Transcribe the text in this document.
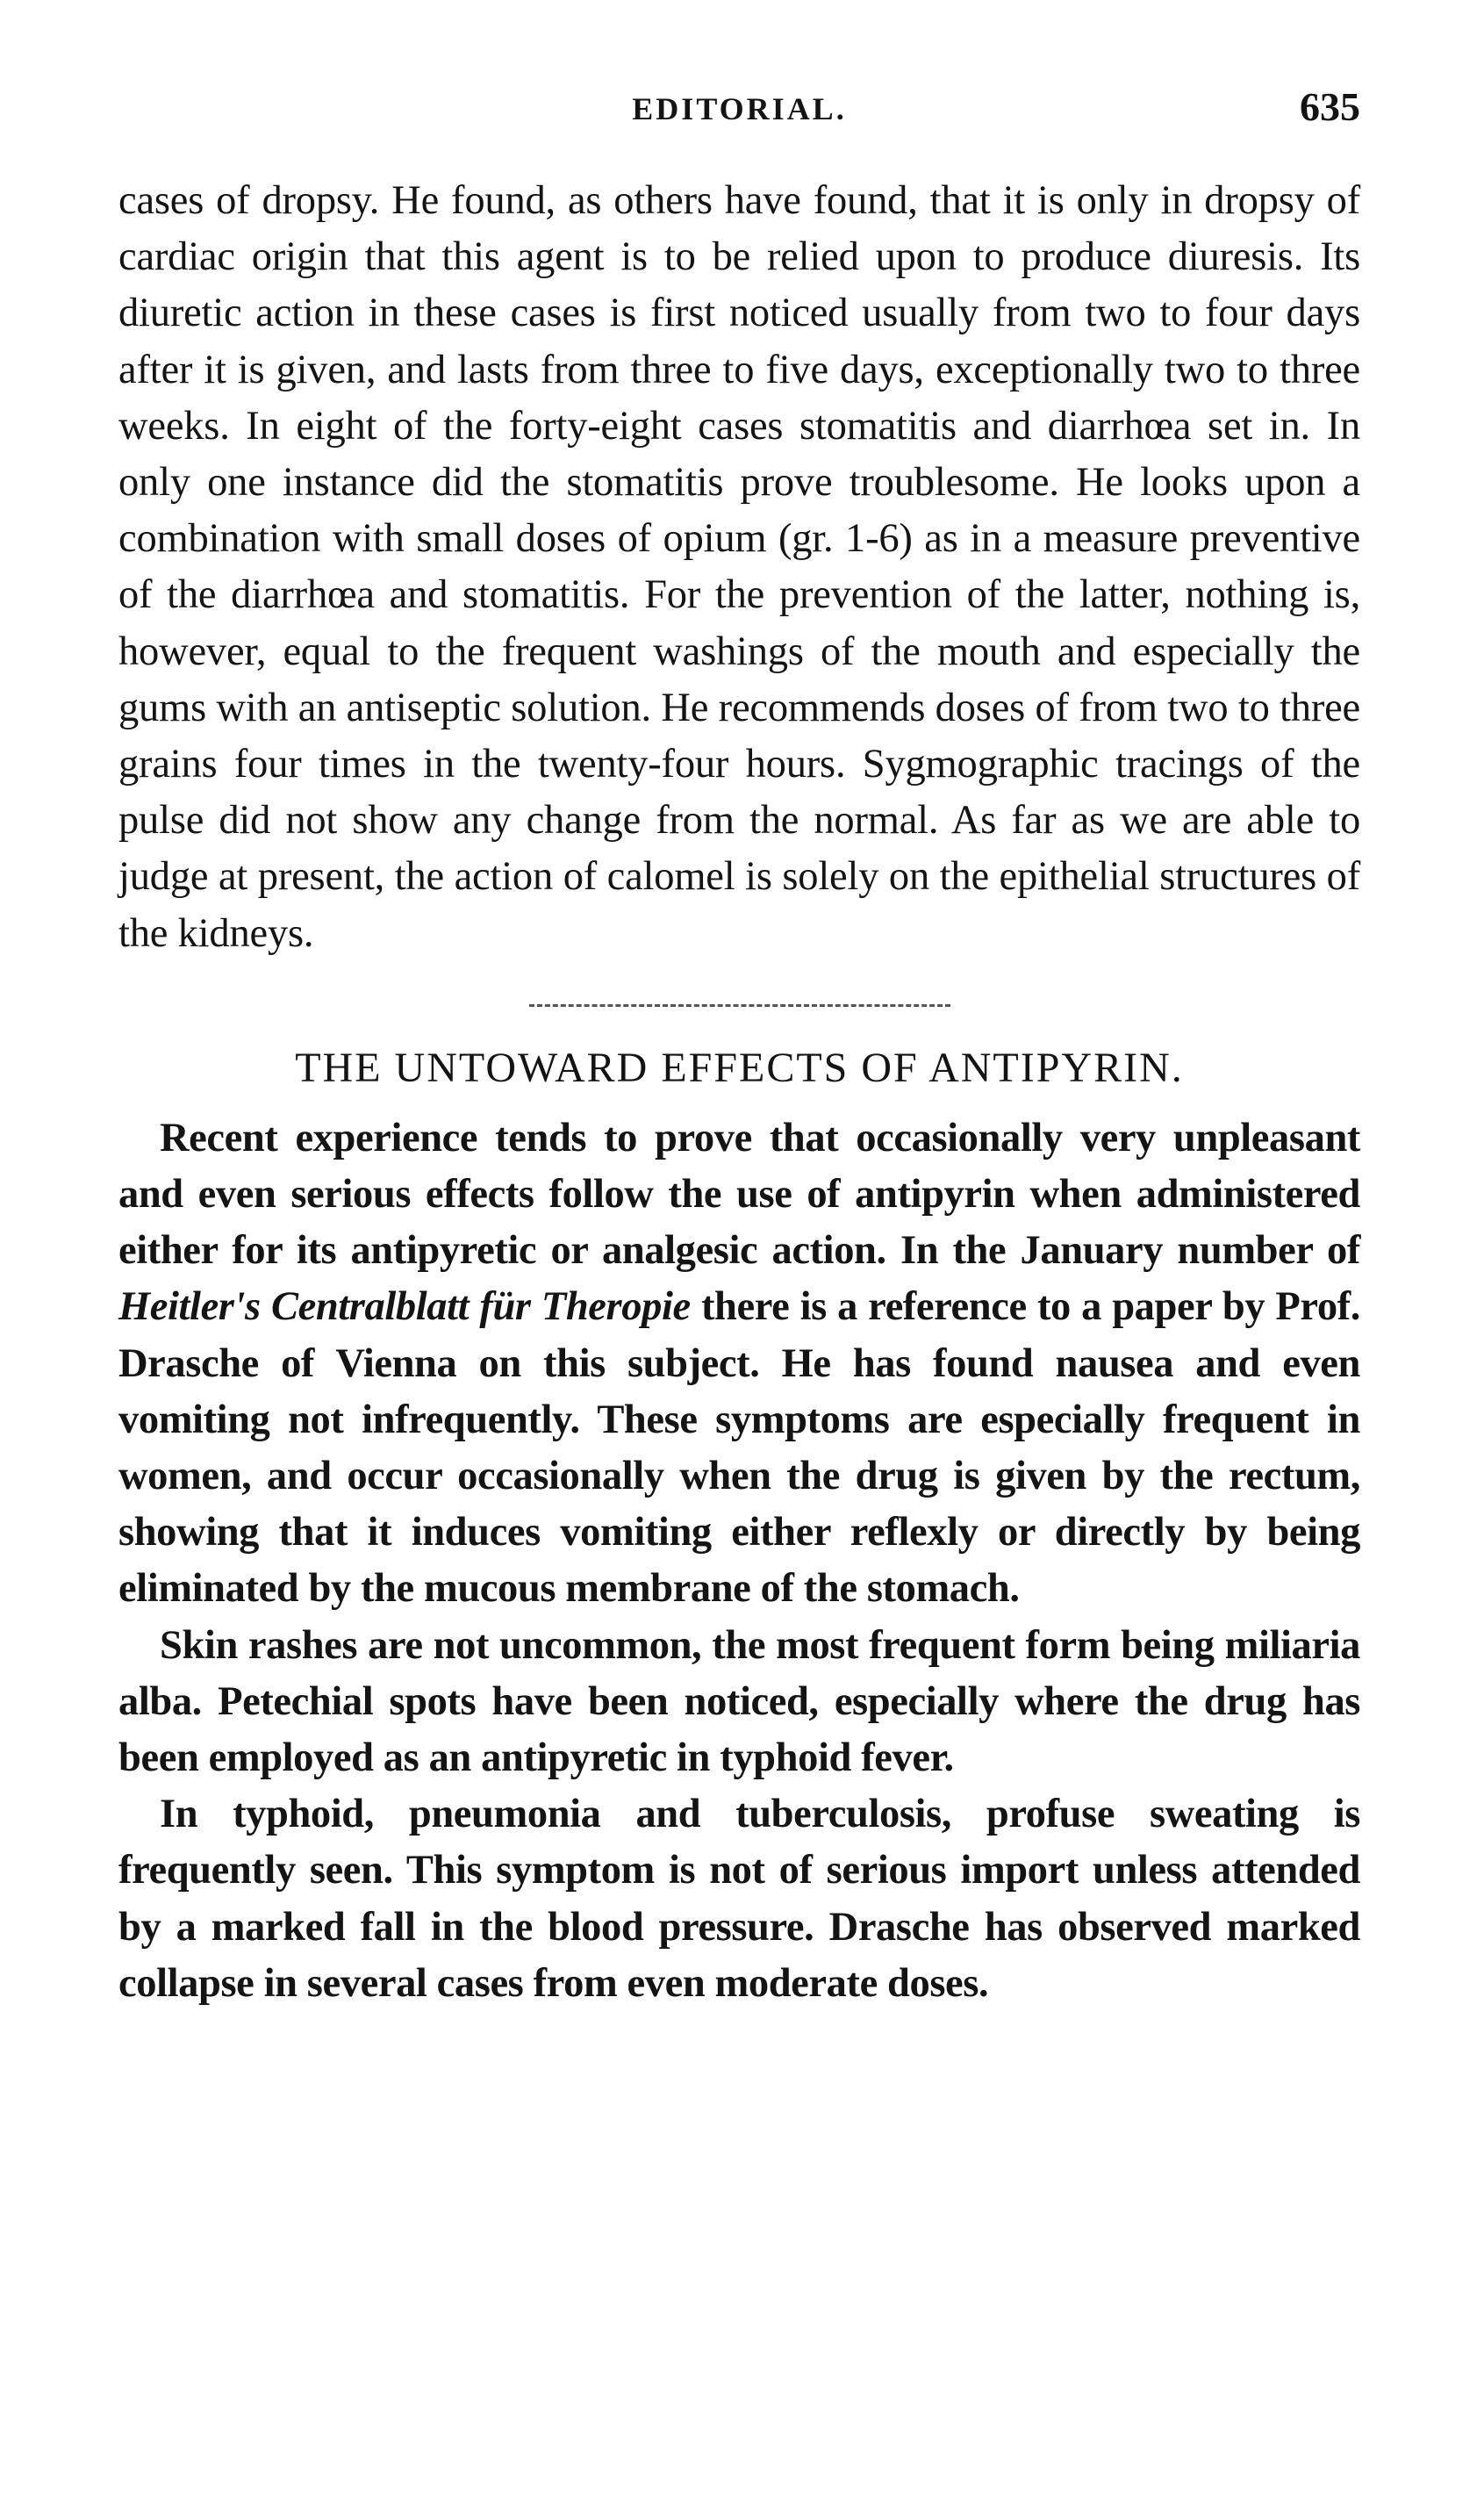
EDITORIAL.	635

cases of dropsy. He found, as others have found, that it is only in dropsy of cardiac origin that this agent is to be relied upon to produce diuresis. Its diuretic action in these cases is first noticed usually from two to four days after it is given, and lasts from three to five days, exceptionally two to three weeks. In eight of the forty-eight cases stomatitis and diarrhœa set in. In only one instance did the stomatitis prove troublesome. He looks upon a combination with small doses of opium (gr. 1-6) as in a measure preventive of the diarrhœa and stomatitis. For the prevention of the latter, nothing is, however, equal to the frequent washings of the mouth and especially the gums with an antiseptic solution. He recommends doses of from two to three grains four times in the twenty-four hours. Sygmographic tracings of the pulse did not show any change from the normal. As far as we are able to judge at present, the action of calomel is solely on the epithelial structures of the kidneys.

THE UNTOWARD EFFECTS OF ANTIPYRIN.

Recent experience tends to prove that occasionally very unpleasant and even serious effects follow the use of antipyrin when administered either for its antipyretic or analgesic action. In the January number of Heitler's Centralblatt für Theropie there is a reference to a paper by Prof. Drasche of Vienna on this subject. He has found nausea and even vomiting not infrequently. These symptoms are especially frequent in women, and occur occasionally when the drug is given by the rectum, showing that it induces vomiting either reflexly or directly by being eliminated by the mucous membrane of the stomach.

Skin rashes are not uncommon, the most frequent form being miliaria alba. Petechial spots have been noticed, especially where the drug has been employed as an antipyretic in typhoid fever.

In typhoid, pneumonia and tuberculosis, profuse sweating is frequently seen. This symptom is not of serious import unless attended by a marked fall in the blood pressure. Drasche has observed marked collapse in several cases from even moderate doses.
